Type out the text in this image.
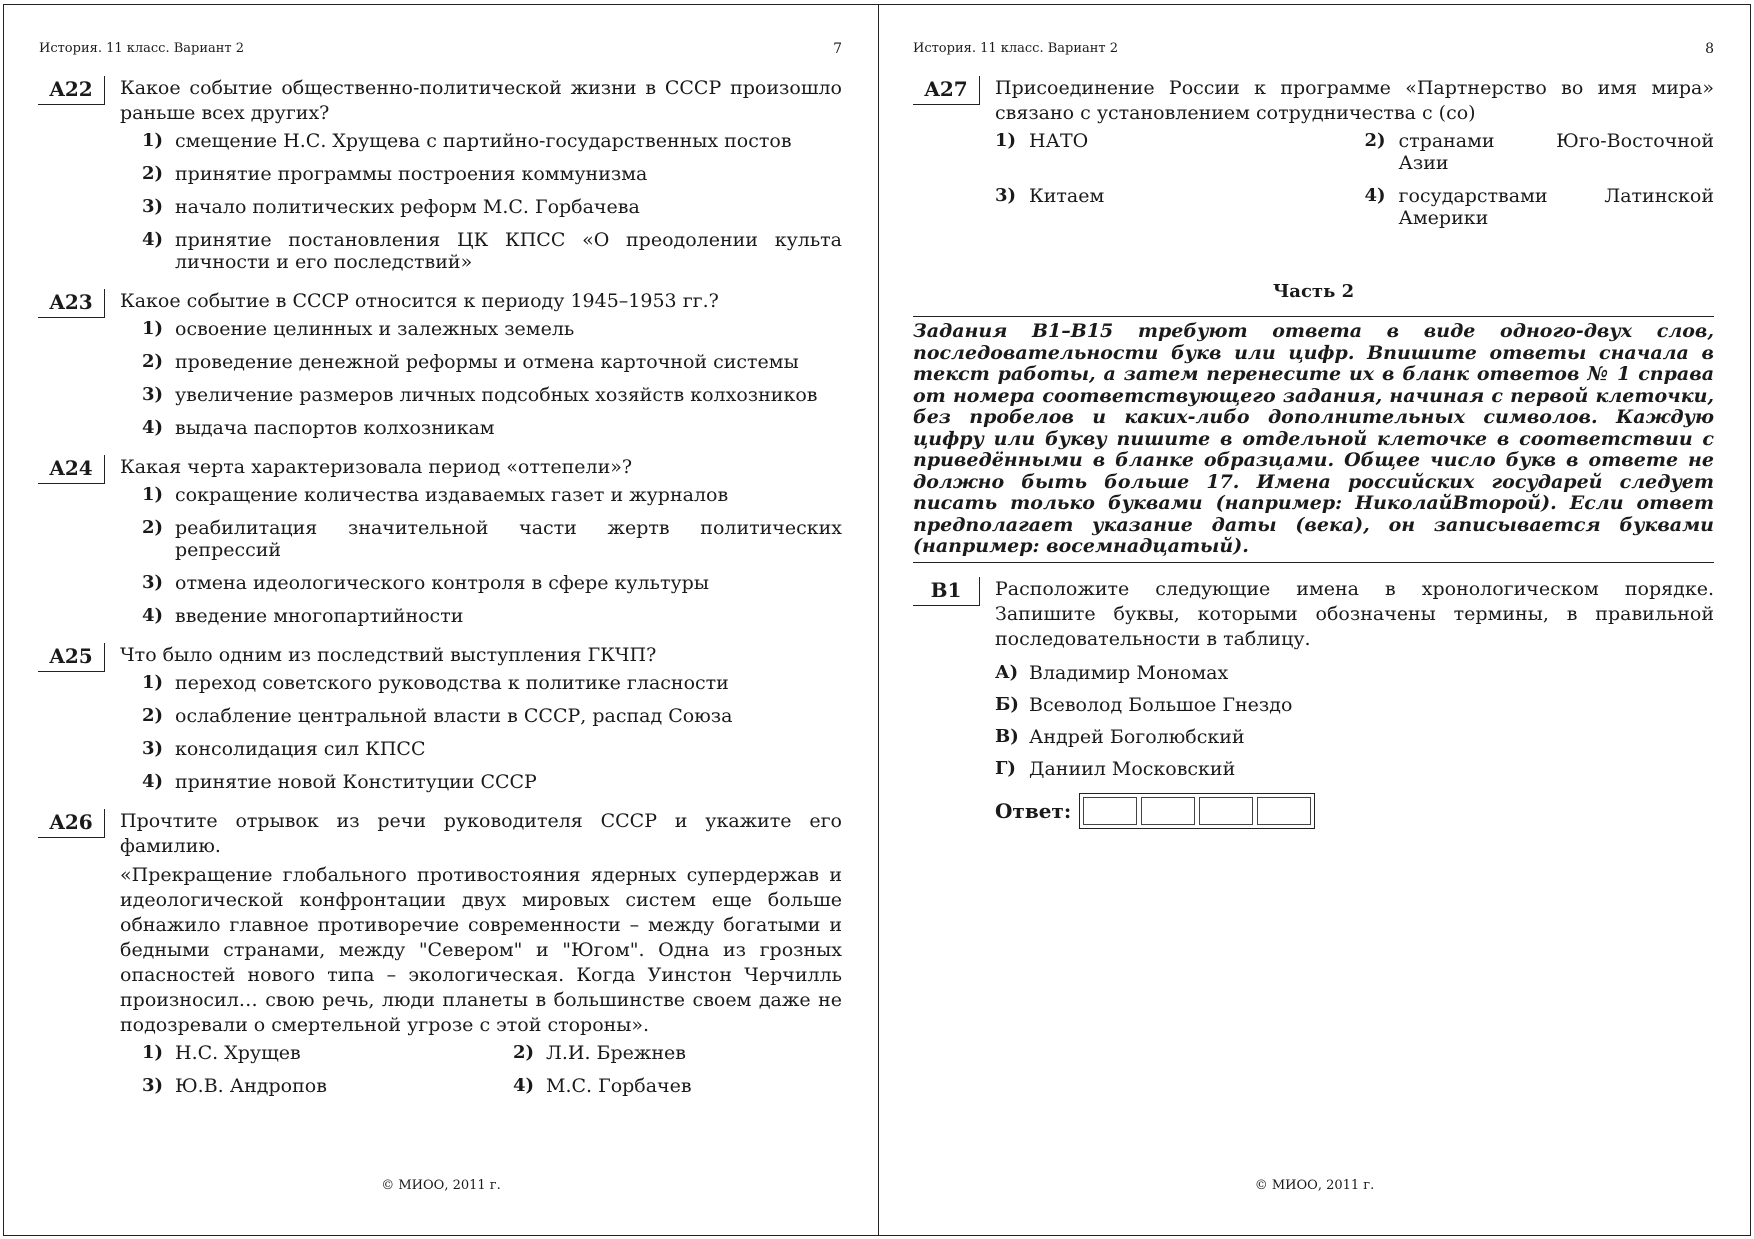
История. 11 класс. Вариант 2	7
A22	Какое событие общественно-политической жизни в СССР произошло раньше всех других?
1) смещение Н.С. Хрущева с партийно-государственных постов
2) принятие программы построения коммунизма
3) начало политических реформ М.С. Горбачева
4) принятие постановления ЦК КПСС «О преодолении культа личности и его последствий»
A23	Какое событие в СССР относится к периоду 1945–1953 гг.?
1) освоение целинных и залежных земель
2) проведение денежной реформы и отмена карточной системы
3) увеличение размеров личных подсобных хозяйств колхозников
4) выдача паспортов колхозникам
A24	Какая черта характеризовала период «оттепели»?
1) сокращение количества издаваемых газет и журналов
2) реабилитация значительной части жертв политических репрессий
3) отмена идеологического контроля в сфере культуры
4) введение многопартийности
A25	Что было одним из последствий выступления ГКЧП?
1) переход советского руководства к политике гласности
2) ослабление центральной власти в СССР, распад Союза
3) консолидация сил КПСС
4) принятие новой Конституции СССР
A26	Прочтите отрывок из речи руководителя СССР и укажите его фамилию.
«Прекращение глобального противостояния ядерных супердержав и идеологической конфронтации двух мировых систем еще больше обнажило главное противоречие современности – между богатыми и бедными странами, между "Севером" и "Югом". Одна из грозных опасностей нового типа – экологическая. Когда Уинстон Черчилль произносил… свою речь, люди планеты в большинстве своем даже не подозревали о смертельной угрозе с этой стороны».
1) Н.С. Хрущев	2) Л.И. Брежнев
3) Ю.В. Андропов	4) М.С. Горбачев
© МИОО, 2011 г.
История. 11 класс. Вариант 2	8
A27	Присоединение России к программе «Партнерство во имя мира» связано с установлением сотрудничества с (со)
1) НАТО	2) странами Юго-Восточной Азии
3) Китаем	4) государствами Латинской Америки
Часть 2
Задания B1–B15 требуют ответа в виде одного-двух слов, последовательности букв или цифр. Впишите ответы сначала в текст работы, а затем перенесите их в бланк ответов № 1 справа от номера соответствующего задания, начиная с первой клеточки, без пробелов и каких-либо дополнительных символов. Каждую цифру или букву пишите в отдельной клеточке в соответствии с приведёнными в бланке образцами. Общее число букв в ответе не должно быть больше 17. Имена российских государей следует писать только буквами (например: НиколайВторой). Если ответ предполагает указание даты (века), он записывается буквами (например: восемнадцатый).
B1	Расположите следующие имена в хронологическом порядке. Запишите буквы, которыми обозначены термины, в правильной последовательности в таблицу.
А) Владимир Мономах
Б) Всеволод Большое Гнездо
В) Андрей Боголюбский
Г) Даниил Московский
Ответ:
© МИОО, 2011 г.
